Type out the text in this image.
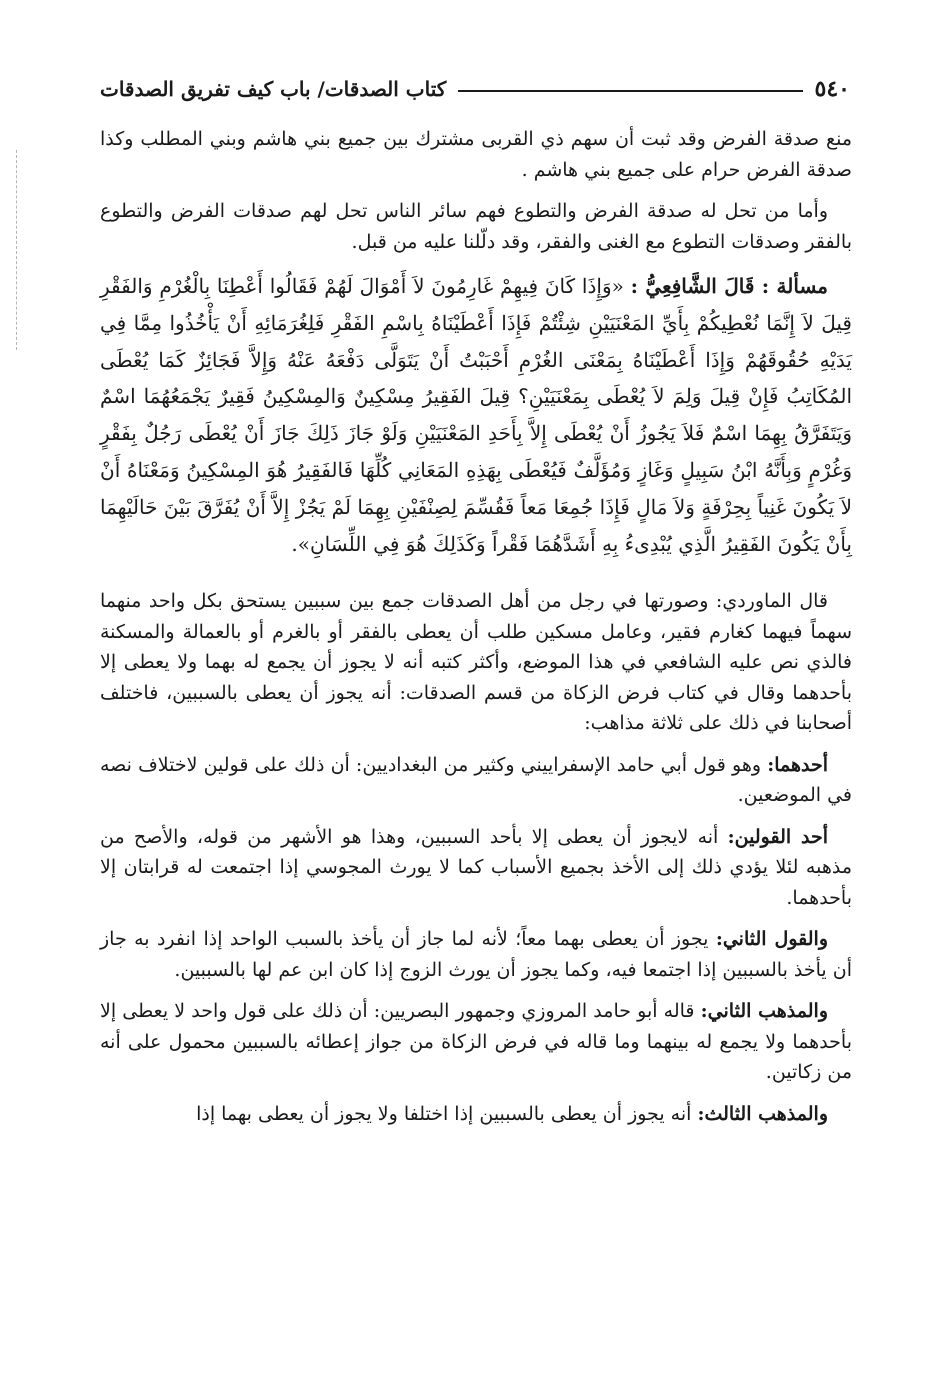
٥٤٠
كتاب الصدقات/ باب كيف تفريق الصدقات

منع صدقة الفرض وقد ثبت أن سهم ذي القربى مشترك بين جميع بني هاشم وبني المطلب وكذا صدقة الفرض حرام على جميع بني هاشم .

وأما من تحل له صدقة الفرض والتطوع فهم سائر الناس تحل لهم صدقات الفرض والتطوع بالفقر وصدقات التطوع مع الغنى والفقر، وقد دلّلنا عليه من قبل.

مسألة : قَالَ الشَّافِعِيُّ : «وَإِذَا كَانَ فِيهِمْ غَارِمُونَ لاَ أَمْوَالَ لَهُمْ فَقَالُوا أَعْطِنَا بِالْغُرْمِ وَالفَقْرِ قِيلَ لاَ إِنَّمَا نُعْطِيكُمْ بِأَيِّ المَعْنَيَيْنِ شِئْتُمْ فَإِذَا أَعْطَيْنَاهُ بِاسْمِ الفَقْرِ فَلِغُرَمَائِهِ أَنْ يَأْخُذُوا مِمَّا فِي يَدَيْهِ حُقُوقَهُمْ وَإِذَا أَعْطَيْنَاهُ بِمَعْنَى الغُرْمِ أَحْبَبْتُ أَنْ يَتَوَلَّى دَفْعَهُ عَنْهُ وَإِلاَّ فَجَائِزٌ كَمَا يُعْطَى المُكَاتِبُ فَإِنْ قِيلَ وَلِمَ لاَ يُعْطَى بِمَعْنَيَيْنِ؟ قِيلَ الفَقِيرُ مِسْكِينٌ وَالمِسْكِينُ فَقِيرٌ يَجْمَعُهُمَا اسْمٌ وَيَتَفَرَّقُ بِهِمَا اسْمٌ فَلاَ يَجُوزُ أَنْ يُعْطَى إِلاَّ بِأَحَدِ المَعْنَيَيْنِ وَلَوْ جَازَ ذَلِكَ جَازَ أَنْ يُعْطَى رَجُلٌ بِفَقْرٍ وَغُرْمٍ وَبِأَنَّهُ ابْنُ سَبِيلٍ وَغَازٍ وَمُؤَلَّفٌ فَيُعْطَى بِهَذِهِ المَعَانِي كُلِّهَا فَالفَقِيرُ هُوَ المِسْكِينُ وَمَعْنَاهُ أَنْ لاَ يَكُونَ غَنِياً بِحِرْفَةٍ وَلاَ مَالٍ فَإِذَا جُمِعَا مَعاً فَقُسِّمَ لِصِنْفَيْنِ بِهِمَا لَمْ يَجُزْ إِلاَّ أَنْ يُفَرَّقَ بَيْنَ حَالَيْهِمَا بِأَنْ يَكُونَ الفَقِيرُ الَّذِي يُبْدِىءُ بِهِ أَشَدَّهُمَا فَقْراً وَكَذَلِكَ هُوَ فِي اللِّسَانِ».

قال الماوردي: وصورتها في رجل من أهل الصدقات جمع بين سببين يستحق بكل واحد منهما سهماً فيهما كغارم فقير، وعامل مسكين طلب أن يعطى بالفقر أو بالغرم أو بالعمالة والمسكنة فالذي نص عليه الشافعي في هذا الموضع، وأكثر كتبه أنه لا يجوز أن يجمع له بهما ولا يعطى إلا بأحدهما وقال في كتاب فرض الزكاة من قسم الصدقات: أنه يجوز أن يعطى بالسببين، فاختلف أصحابنا في ذلك على ثلاثة مذاهب:

أحدهما: وهو قول أبي حامد الإسفراييني وكثير من البغداديين: أن ذلك على قولين لاختلاف نصه في الموضعين.

أحد القولين: أنه لايجوز أن يعطى إلا بأحد السببين، وهذا هو الأشهر من قوله، والأصح من مذهبه لئلا يؤدي ذلك إلى الأخذ بجميع الأسباب كما لا يورث المجوسي إذا اجتمعت له قرابتان إلا بأحدهما.

والقول الثاني: يجوز أن يعطى بهما معاً؛ لأنه لما جاز أن يأخذ بالسبب الواحد إذا انفرد به جاز أن يأخذ بالسببين إذا اجتمعا فيه، وكما يجوز أن يورث الزوج إذا كان ابن عم لها بالسببين.

والمذهب الثاني: قاله أبو حامد المروزي وجمهور البصريين: أن ذلك على قول واحد لا يعطى إلا بأحدهما ولا يجمع له بينهما وما قاله في فرض الزكاة من جواز إعطائه بالسببين محمول على أنه من زكاتين.

والمذهب الثالث: أنه يجوز أن يعطى بالسببين إذا اختلفا ولا يجوز أن يعطى بهما إذا
